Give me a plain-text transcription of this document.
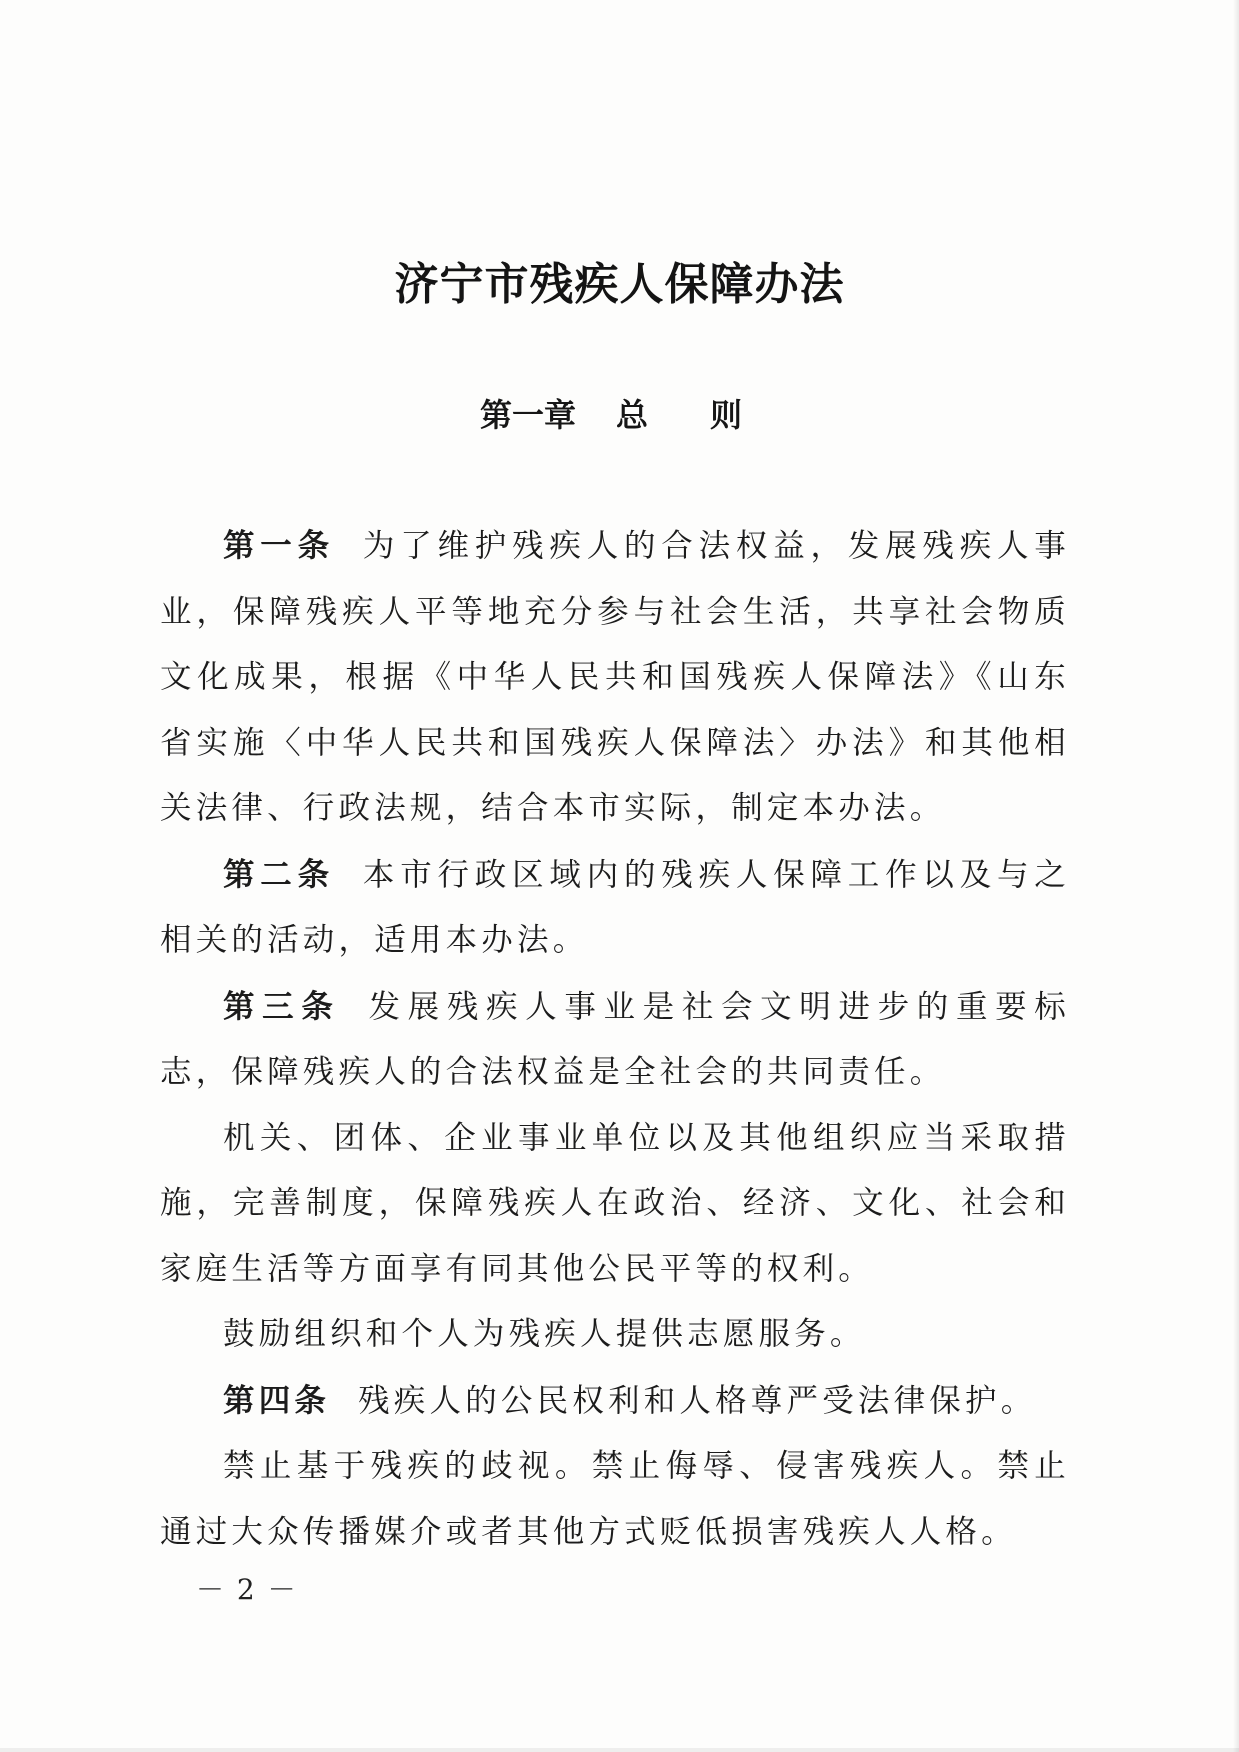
济宁市残疾人保障办法
第一章 总 则

第一条 为了维护残疾人的合法权益，发展残疾人事业，保障残疾人平等地充分参与社会生活，共享社会物质文化成果，根据《中华人民共和国残疾人保障法》《山东省实施〈中华人民共和国残疾人保障法〉办法》和其他相关法律、行政法规，结合本市实际，制定本办法。

第二条 本市行政区域内的残疾人保障工作以及与之相关的活动，适用本办法。

第三条 发展残疾人事业是社会文明进步的重要标志，保障残疾人的合法权益是全社会的共同责任。

机关、团体、企业事业单位以及其他组织应当采取措施，完善制度，保障残疾人在政治、经济、文化、社会和家庭生活等方面享有同其他公民平等的权利。

鼓励组织和个人为残疾人提供志愿服务。

第四条 残疾人的公民权利和人格尊严受法律保护。

禁止基于残疾的歧视。禁止侮辱、侵害残疾人。禁止通过大众传播媒介或者其他方式贬低损害残疾人人格。

－ 2 －
